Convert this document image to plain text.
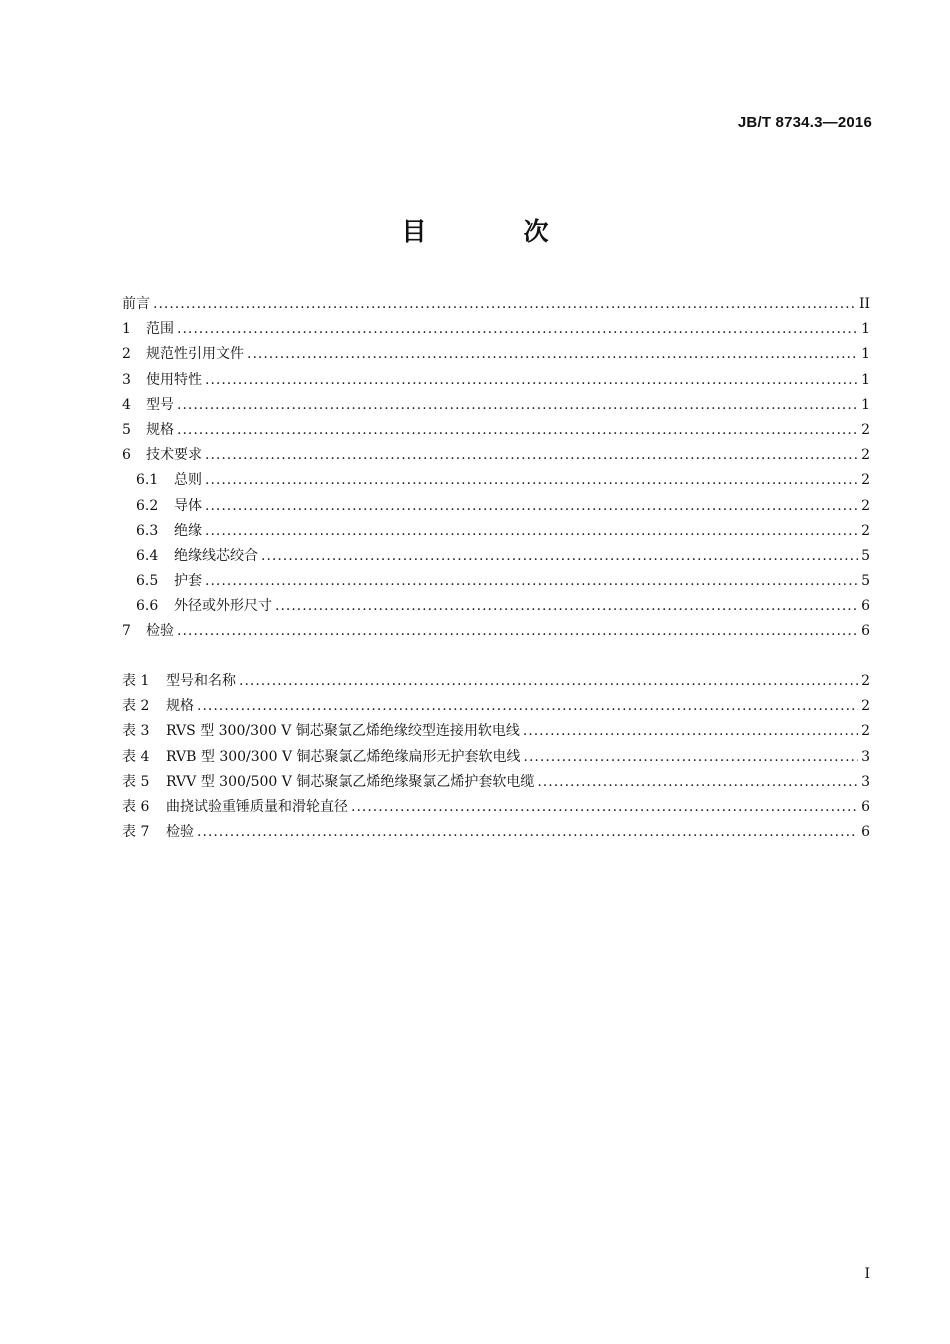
JB/T 8734.3—2016
目　次
前言 .....	II
1	范围 .....	1
2	规范性引用文件 .....	1
3	使用特性 .....	1
4	型号 .....	1
5	规格 .....	2
6	技术要求 .....	2
6.1	总则 .....	2
6.2	导体 .....	2
6.3	绝缘 .....	2
6.4	绝缘线芯绞合 .....	5
6.5	护套 .....	5
6.6	外径或外形尺寸 .....	6
7	检验 .....	6
表 1	型号和名称 .....	2
表 2	规格 .....	2
表 3	RVS 型 300/300 V 铜芯聚氯乙烯绝缘绞型连接用软电线 .....	2
表 4	RVB 型 300/300 V 铜芯聚氯乙烯绝缘扁形无护套软电线 .....	3
表 5	RVV 型 300/500 V 铜芯聚氯乙烯绝缘聚氯乙烯护套软电缆 .....	3
表 6	曲挠试验重锤质量和滑轮直径 .....	6
表 7	检验 .....	6
I
